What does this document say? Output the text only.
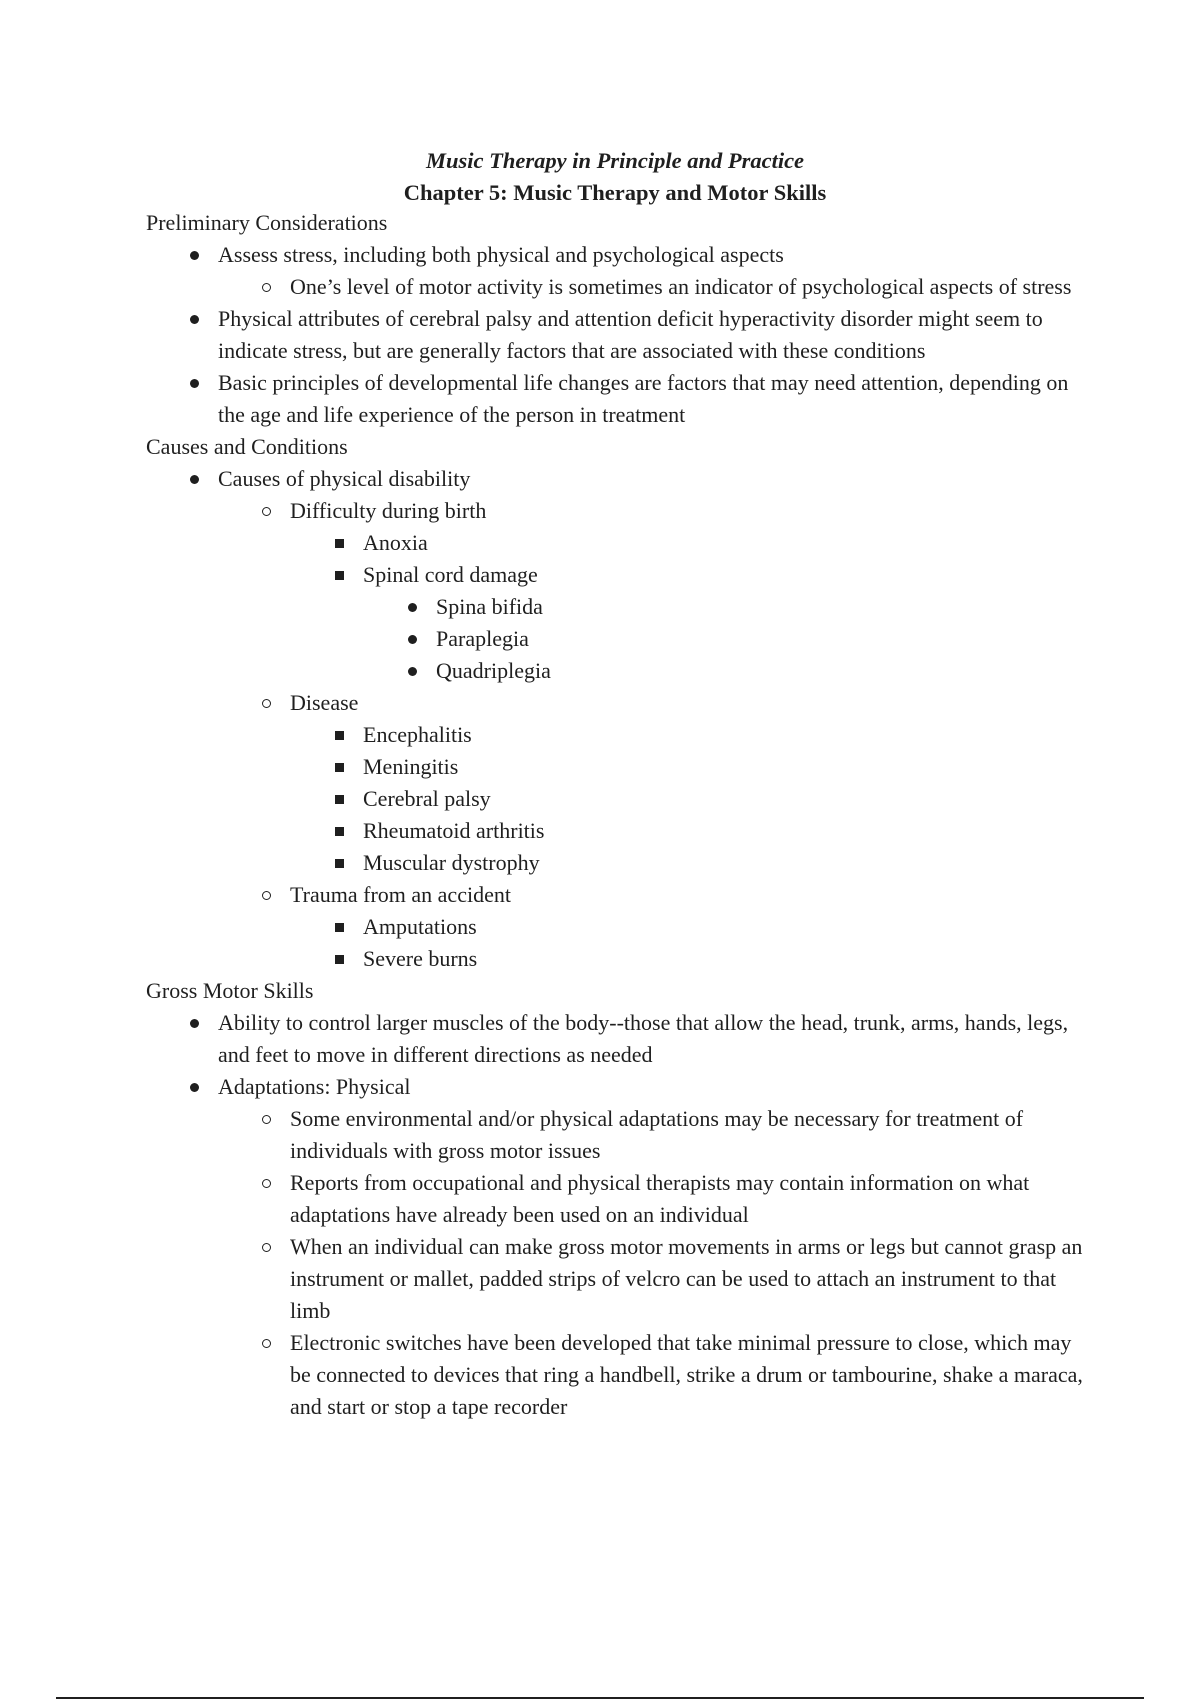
Music Therapy in Principle and Practice

Chapter 5: Music Therapy and Motor Skills

Preliminary Considerations

Assess stress, including both physical and psychological aspects
One’s level of motor activity is sometimes an indicator of psychological aspects of stress
Physical attributes of cerebral palsy and attention deficit hyperactivity disorder might seem to indicate stress, but are generally factors that are associated with these conditions
Basic principles of developmental life changes are factors that may need attention, depending on the age and life experience of the person in treatment

Causes and Conditions

Causes of physical disability
Difficulty during birth
Anoxia
Spinal cord damage
Spina bifida
Paraplegia
Quadriplegia
Disease
Encephalitis
Meningitis
Cerebral palsy
Rheumatoid arthritis
Muscular dystrophy
Trauma from an accident
Amputations
Severe burns

Gross Motor Skills

Ability to control larger muscles of the body--those that allow the head, trunk, arms, hands, legs, and feet to move in different directions as needed
Adaptations: Physical
Some environmental and/or physical adaptations may be necessary for treatment of individuals with gross motor issues
Reports from occupational and physical therapists may contain information on what adaptations have already been used on an individual
When an individual can make gross motor movements in arms or legs but cannot grasp an instrument or mallet, padded strips of velcro can be used to attach an instrument to that limb
Electronic switches have been developed that take minimal pressure to close, which may be connected to devices that ring a handbell, strike a drum or tambourine, shake a maraca, and start or stop a tape recorder
